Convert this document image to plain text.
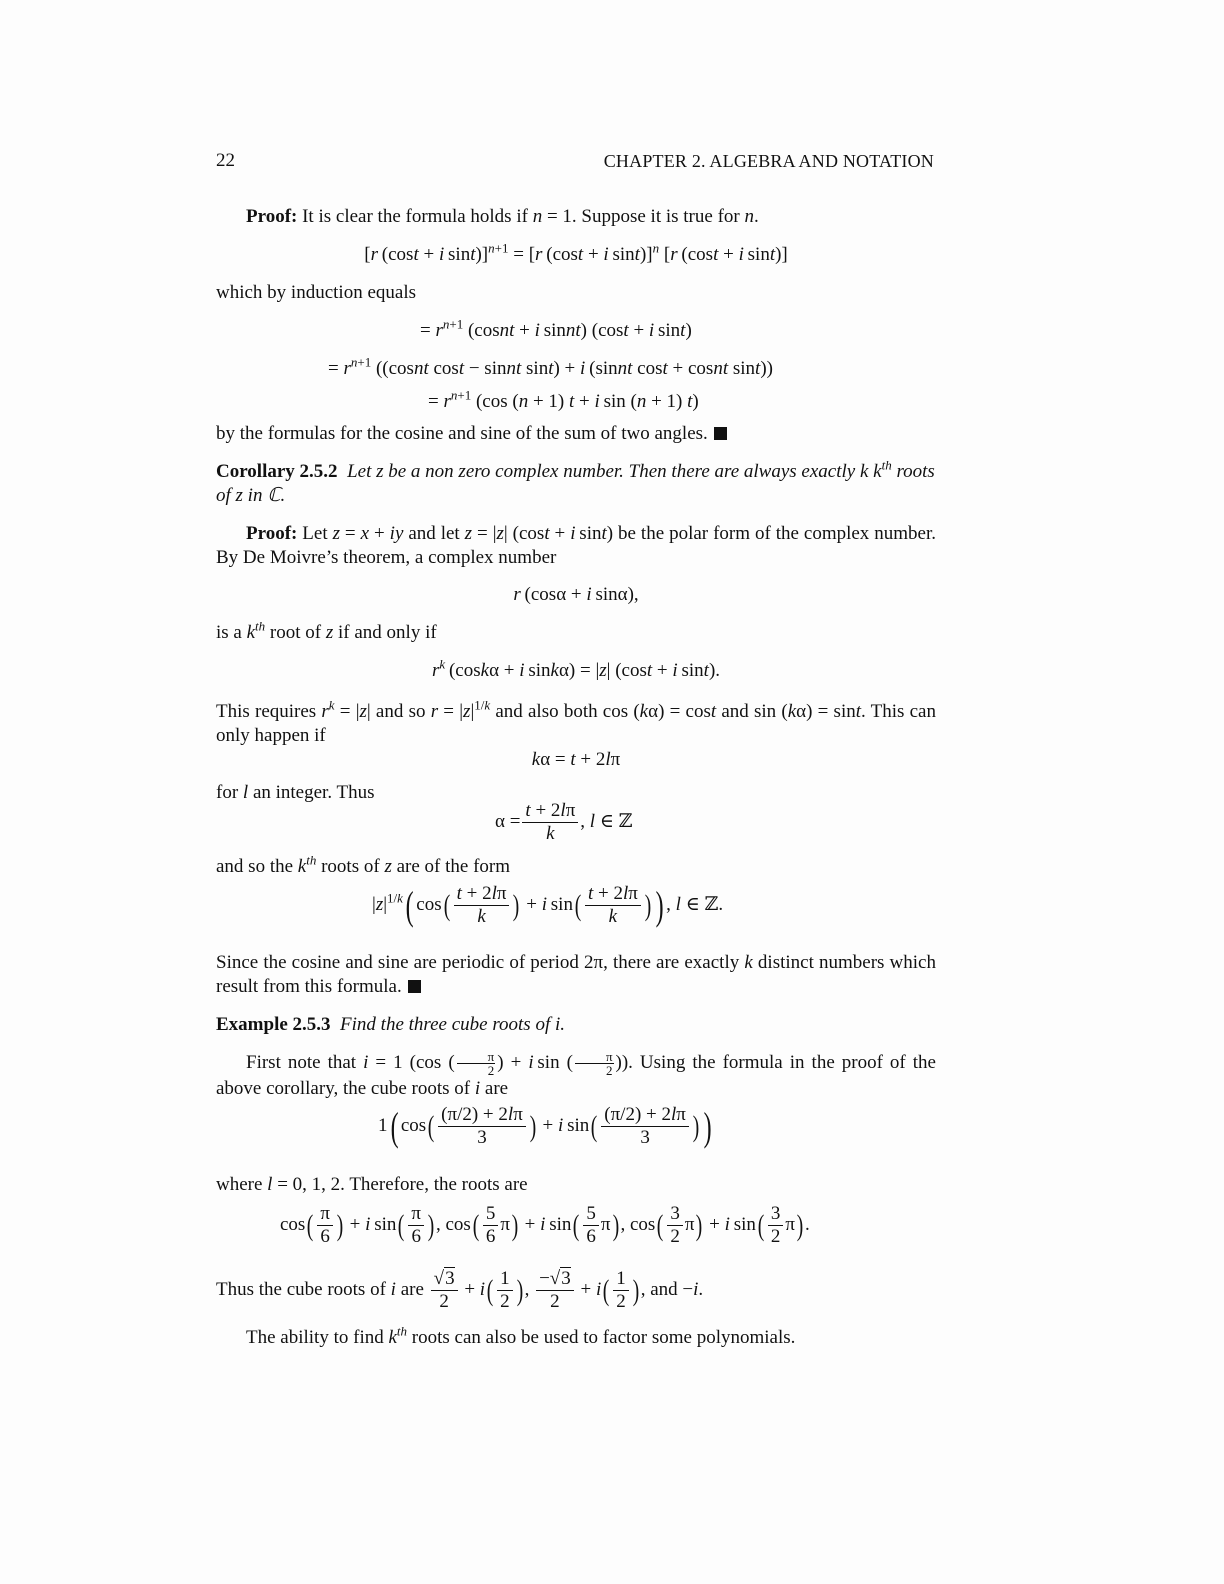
22	CHAPTER 2. ALGEBRA AND NOTATION
Proof: It is clear the formula holds if n = 1. Suppose it is true for n.
[r (cost + i sint)]$^{n+1}$ = [r (cost + i sint)]$^n$ [r (cost + i sint)]
which by induction equals
= $r^{n+1}$ (cosnt + i sinnt) (cost + i sint)
= $r^{n+1}$ ((cosnt cost − sinnt sint) + i (sinnt cost + cosnt sint))
= $r^{n+1}$ (cos (n + 1) t + i sin (n + 1) t)
by the formulas for the cosine and sine of the sum of two angles.
Corollary 2.5.2 Let z be a non zero complex number. Then there are always exactly k $k^{th}$ roots of z in ℂ.
Proof: Let z = x + iy and let z = |z| (cost + i sint) be the polar form of the complex number. By De Moivre’s theorem, a complex number
r (cosα + i sinα),
is a $k^{th}$ root of z if and only if
$r^k$ (coskα + i sinkα) = |z| (cost + i sint).
This requires $r^k = |z|$ and so $r = |z|^{1/k}$ and also both cos (kα) = cost and sin (kα) = sint. This can only happen if
kα = t + 2lπ
for l an integer. Thus
$\alpha = \frac{t + 2l\pi}{k}$ , l ∈ ℤ
and so the $k^{th}$ roots of z are of the form
$|z|^{1/k}$( $\cos( \frac{t + 2l\pi}{k}$ ) + i $\sin( \frac{t + 2l\pi}{k}$ ) ) , l ∈ ℤ.
Since the cosine and sine are periodic of period 2π, there are exactly k distinct numbers which result from this formula.
Example 2.5.3 Find the three cube roots of i.
First note that i = 1 (cos ( $\frac{\pi}{2}$ ) + i sin ( $\frac{\pi}{2}$ )). Using the formula in the proof of the above corollary, the cube roots of i are
1( $\cos( \frac{(\pi/2) + 2l\pi}{3}$ ) + i $\sin( \frac{(\pi/2) + 2l\pi}{3}$ ) )
where l = 0, 1, 2. Therefore, the roots are
$\cos( \frac{\pi}{6}$ ) + i $\sin( \frac{\pi}{6}$ ), $\cos( \frac{5}{6} \pi) + i$ $\sin( \frac{5}{6} \pi)$, $\cos( \frac{3}{2} \pi) + i$ $\sin( \frac{3}{2} \pi)$.
Thus the cube roots of i are $\frac{√3}{2} + i( \frac{1}{2}$ ), $\frac{-√3}{2} + i( \frac{1}{2}$ ), and −i.
The ability to find $k^{th}$ roots can also be used to factor some polynomials.
